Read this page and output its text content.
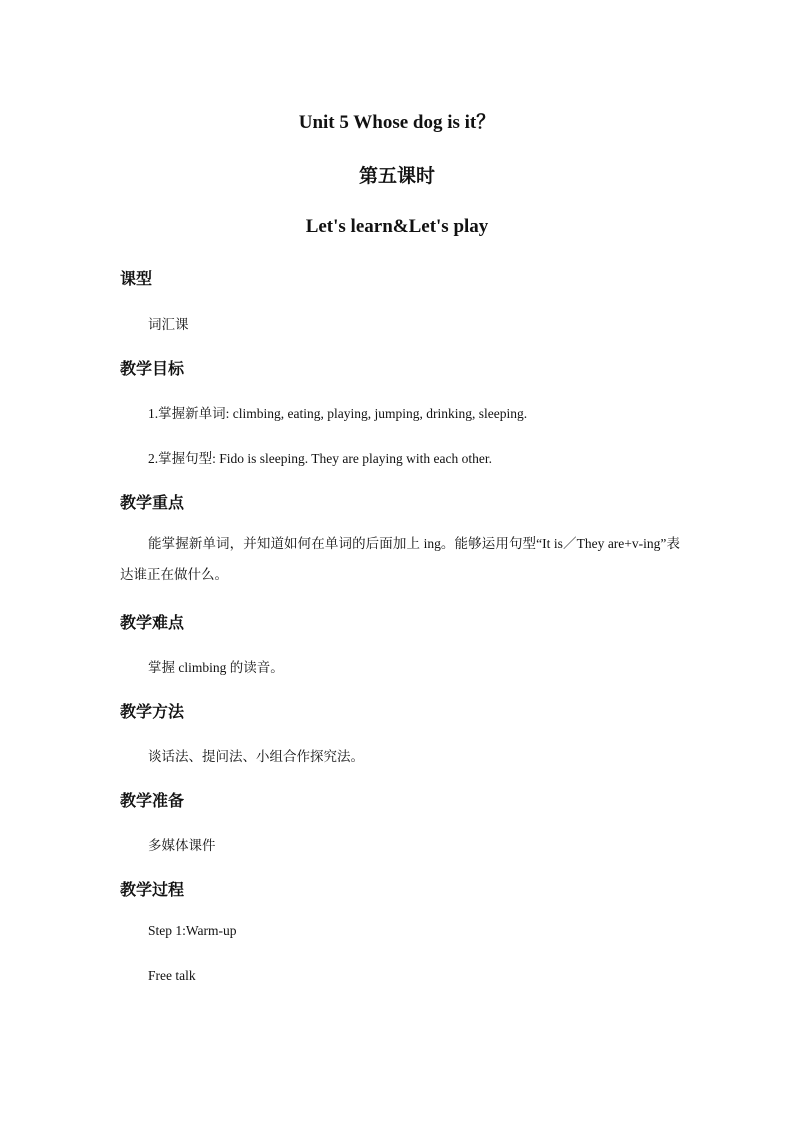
Unit 5 Whose dog is it？
第五课时
Let's learn&Let's play
课型
词汇课
教学目标
1.掌握新单词: climbing, eating, playing, jumping, drinking, sleeping.
2.掌握句型: Fido is sleeping. They are playing with each other.
教学重点
能掌握新单词，并知道如何在单词的后面加上 ing。能够运用句型“It is／They are+v-ing”表达谁正在做什么。
教学难点
掌握 climbing 的读音。
教学方法
谈话法、提问法、小组合作探究法。
教学准备
多媒体课件
教学过程
Step 1:Warm-up
Free talk
